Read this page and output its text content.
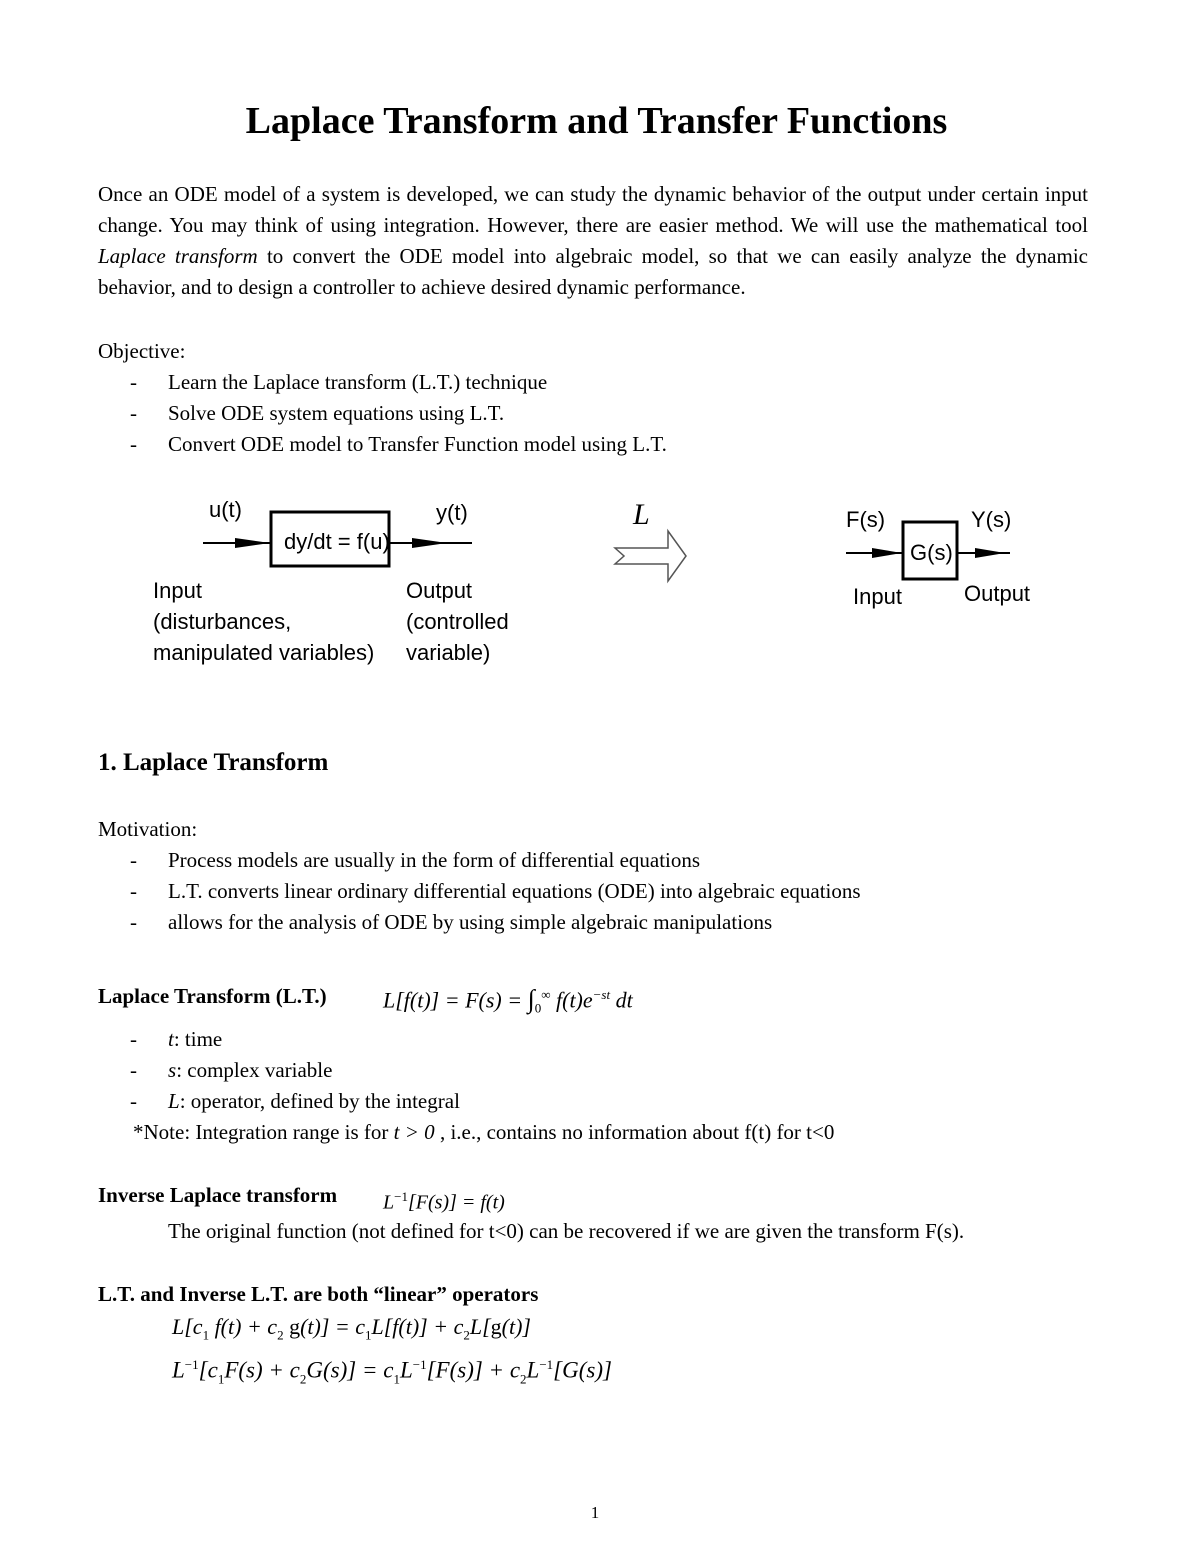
Laplace Transform and Transfer Functions

Once an ODE model of a system is developed, we can study the dynamic behavior of the output under certain input change. You may think of using integration. However, there are easier method. We will use the mathematical tool Laplace transform to convert the ODE model into algebraic model, so that we can easily analyze the dynamic behavior, and to design a controller to achieve desired dynamic performance.

Objective:

- Learn the Laplace transform (L.T.) technique
- Solve ODE system equations using L.T.
- Convert ODE model to Transfer Function model using L.T.
u(t)
dy/dt = f(u)
y(t)
Input
(disturbances,
manipulated variables)
Output
(controlled
variable)
L	F(s)
G(s)
Y(s)
Input	Output
1. Laplace Transform

Motivation:

- Process models are usually in the form of differential equations
- L.T. converts linear ordinary differential equations (ODE) into algebraic equations
- allows for the analysis of ODE by using simple algebraic manipulations

Laplace Transform (L.T.)	$L[f(t)] = F(s) = \int_0^\infty$ $f(t)e^{-st}$ dt
- t: time
- s: complex variable
- L: operator, defined by the integral

*Note: Integration range is for t > 0 , i.e., contains no information about f(t) for t<0

Inverse Laplace transform $L^{-1}[F(s)] = f(t)$

The original function (not defined for t<0) can be recovered if we are given the transform F(s).

L.T. and Inverse L.T. are both “linear” operators

$L[c_1$ $f(t) + c_2$ $g(t)] = c_1L[f(t)] + c_2L[g(t)]$
$L^{-1}[c_1F(s) + c_2G(s)] = c_1L^{-1}[F(s)] + c_2L^{-1}[G(s)]$
1
